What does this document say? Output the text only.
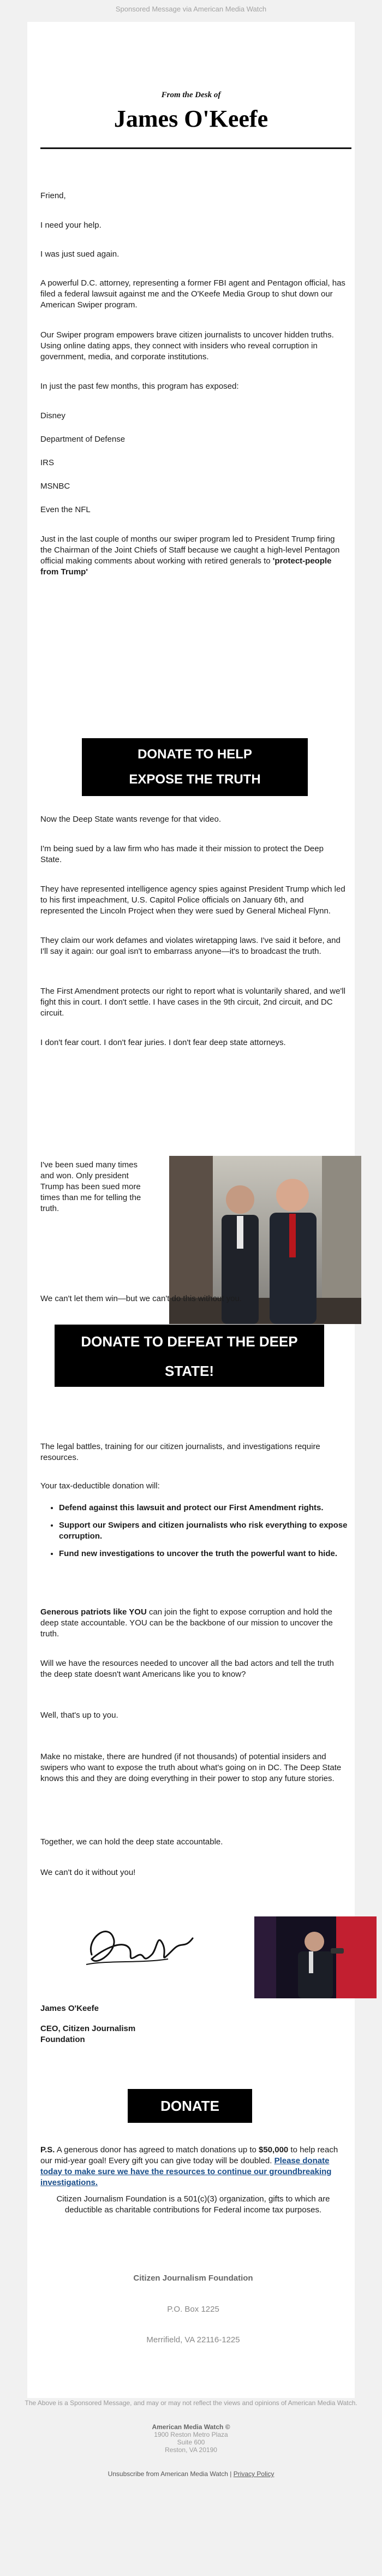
Sponsored Message via American Media Watch
From the Desk of
James O'Keefe

Friend,

I need your help.

I was just sued again.

A powerful D.C. attorney, representing a former FBI agent and Pentagon official, has filed a federal lawsuit against me and the O'Keefe Media Group to shut down our American Swiper program.

Our Swiper program empowers brave citizen journalists to uncover hidden truths. Using online dating apps, they connect with insiders who reveal corruption in government, media, and corporate institutions.

In just the past few months, this program has exposed:

Disney

Department of Defense

IRS

MSNBC

Even the NFL

Just in the last couple of months our swiper program led to President Trump firing the Chairman of the Joint Chiefs of Staff because we caught a high-level Pentagon official making comments about working with retired generals to 'protect-people from Trump'

DONATE TO HELP
EXPOSE THE TRUTH

Now the Deep State wants revenge for that video.

I'm being sued by a law firm who has made it their mission to protect the Deep State.

They have represented intelligence agency spies against President Trump which led to his first impeachment, U.S. Capitol Police officials on January 6th, and represented the Lincoln Project when they were sued by General Micheal Flynn.

They claim our work defames and violates wiretapping laws. I've said it before, and I'll say it again: our goal isn't to embarrass anyone—it's to broadcast the truth.

The First Amendment protects our right to report what is voluntarily shared, and we'll fight this in court. I don't settle. I have cases in the 9th circuit, 2nd circuit, and DC circuit.

I don't fear court. I don't fear juries. I don't fear deep state attorneys.

I've been sued many times and won. Only president Trump has been sued more times than me for telling the truth.

We can't let them win—but we can't do this without you.

DONATE TO DEFEAT THE DEEP
STATE!

The legal battles, training for our citizen journalists, and investigations require resources.

Your tax-deductible donation will:

• Defend against this lawsuit and protect our First Amendment rights.
• Support our Swipers and citizen journalists who risk everything to expose corruption.
• Fund new investigations to uncover the truth the powerful want to hide.

Generous patriots like YOU can join the fight to expose corruption and hold the deep state accountable. YOU can be the backbone of our mission to uncover the truth.

Will we have the resources needed to uncover all the bad actors and tell the truth the deep state doesn't want Americans like you to know?

Well, that's up to you.

Make no mistake, there are hundred (if not thousands) of potential insiders and swipers who want to expose the truth about what's going on in DC. The Deep State knows this and they are doing everything in their power to stop any future stories.

Together, we can hold the deep state accountable.

We can't do it without you!

James O'Keefe

CEO, Citizen Journalism

Foundation

DONATE

P.S. A generous donor has agreed to match donations up to $50,000 to help reach our mid-year goal! Every gift you can give today will be doubled. Please donate today to make sure we have the resources to continue our groundbreaking investigations.

Citizen Journalism Foundation is a 501(c)(3) organization, gifts to which are deductible as charitable contributions for Federal income tax purposes.

Citizen Journalism Foundation

P.O. Box 1225

Merrifield, VA 22116-1225

The Above is a Sponsored Message, and may or may not reflect the views and opinions of American Media Watch.
American Media Watch ©
1900 Reston Metro Plaza
Suite 600
Reston, VA 20190
Unsubscribe from American Media Watch | Privacy Policy
